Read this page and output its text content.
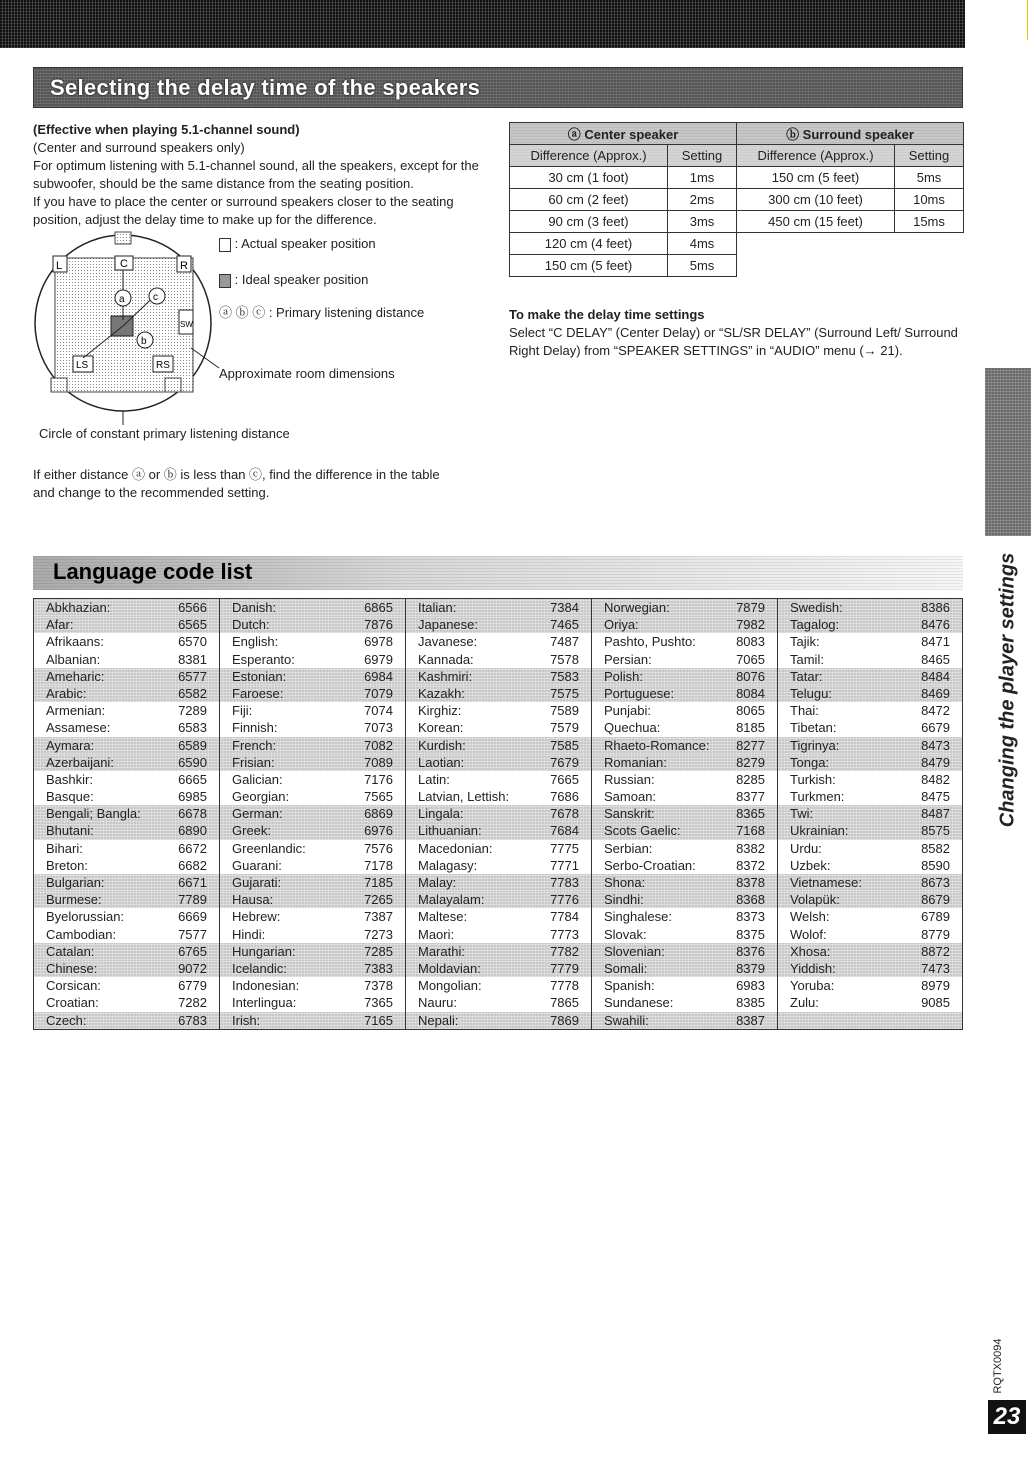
Selecting the delay time of the speakers

(Effective when playing 5.1-channel sound)

(Center and surround speakers only)

For optimum listening with 5.1-channel sound, all the speakers, except for the subwoofer, should be the same distance from the seating position.

If you have to place the center or surround speakers closer to the seating position, adjust the delay time to make up for the difference.

L	C	R
SW
LS	RS
a
b
c
: Actual speaker position
: Ideal speaker position
ⓐ ⓑ ⓒ : Primary listening distance
Approximate room dimensions
Circle of constant primary listening distance

If either distance ⓐ or ⓑ is less than ⓒ, find the difference in the table

and change to the recommended setting.

ⓐ Center speaker		ⓑ Surround speaker	
Difference (Approx.)	Setting	Difference (Approx.)	Setting
30 cm (1 foot)	1ms	150 cm (5 feet)	5ms
60 cm (2 feet)	2ms	300 cm (10 feet)	10ms
90 cm (3 feet)	3ms	450 cm (15 feet)	15ms
120 cm (4 feet)	4ms		
150 cm (5 feet)	5ms		

To make the delay time settings

Select “C DELAY” (Center Delay) or “SL/SR DELAY” (Surround Left/ Surround Right Delay) from “SPEAKER SETTINGS” in “AUDIO” menu (→ 21).

Language code list
Abkhazian:	6566
Afar:	6565
Afrikaans:	6570
Albanian:	8381
Ameharic:	6577
Arabic:	6582
Armenian:	7289
Assamese:	6583
Aymara:	6589
Azerbaijani:	6590
Bashkir:	6665
Basque:	6985
Bengali; Bangla:	6678
Bhutani:	6890
Bihari:	6672
Breton:	6682
Bulgarian:	6671
Burmese:	7789
Byelorussian:	6669
Cambodian:	7577
Catalan:	6765
Chinese:	9072
Corsican:	6779
Croatian:	7282
Czech:	6783
Danish:	6865
Dutch:	7876
English:	6978
Esperanto:	6979
Estonian:	6984
Faroese:	7079
Fiji:	7074
Finnish:	7073
French:	7082
Frisian:	7089
Galician:	7176
Georgian:	7565
German:	6869
Greek:	6976
Greenlandic:	7576
Guarani:	7178
Gujarati:	7185
Hausa:	7265
Hebrew:	7387
Hindi:	7273
Hungarian:	7285
Icelandic:	7383
Indonesian:	7378
Interlingua:	7365
Irish:	7165
Italian:	7384
Japanese:	7465
Javanese:	7487
Kannada:	7578
Kashmiri:	7583
Kazakh:	7575
Kirghiz:	7589
Korean:	7579
Kurdish:	7585
Laotian:	7679
Latin:	7665
Latvian, Lettish:	7686
Lingala:	7678
Lithuanian:	7684
Macedonian:	7775
Malagasy:	7771
Malay:	7783
Malayalam:	7776
Maltese:	7784
Maori:	7773
Marathi:	7782
Moldavian:	7779
Mongolian:	7778
Nauru:	7865
Nepali:	7869
Norwegian:	7879
Oriya:	7982
Pashto, Pushto:	8083
Persian:	7065
Polish:	8076
Portuguese:	8084
Punjabi:	8065
Quechua:	8185
Rhaeto-Romance: 8277
Romanian:	8279
Russian:	8285
Samoan:	8377
Sanskrit:	8365
Scots Gaelic:	7168
Serbian:	8382
Serbo-Croatian:	8372
Shona:	8378
Sindhi:	8368
Singhalese:	8373
Slovak:	8375
Slovenian:	8376
Somali:	8379
Spanish:	6983
Sundanese:	8385
Swahili:	8387
Swedish:	8386
Tagalog:	8476
Tajik:	8471
Tamil:	8465
Tatar:	8484
Telugu:	8469
Thai:	8472
Tibetan:	6679
Tigrinya:	8473
Tonga:	8479
Turkish:	8482
Turkmen:	8475
Twi:	8487
Ukrainian:	8575
Urdu:	8582
Uzbek:	8590
Vietnamese:	8673
Volapük:	8679
Welsh:	6789
Wolof:	8779
Xhosa:	8872
Yiddish:	7473
Yoruba:	8979
Zulu:	9085
Changing the player settings
RQTX0094
23
